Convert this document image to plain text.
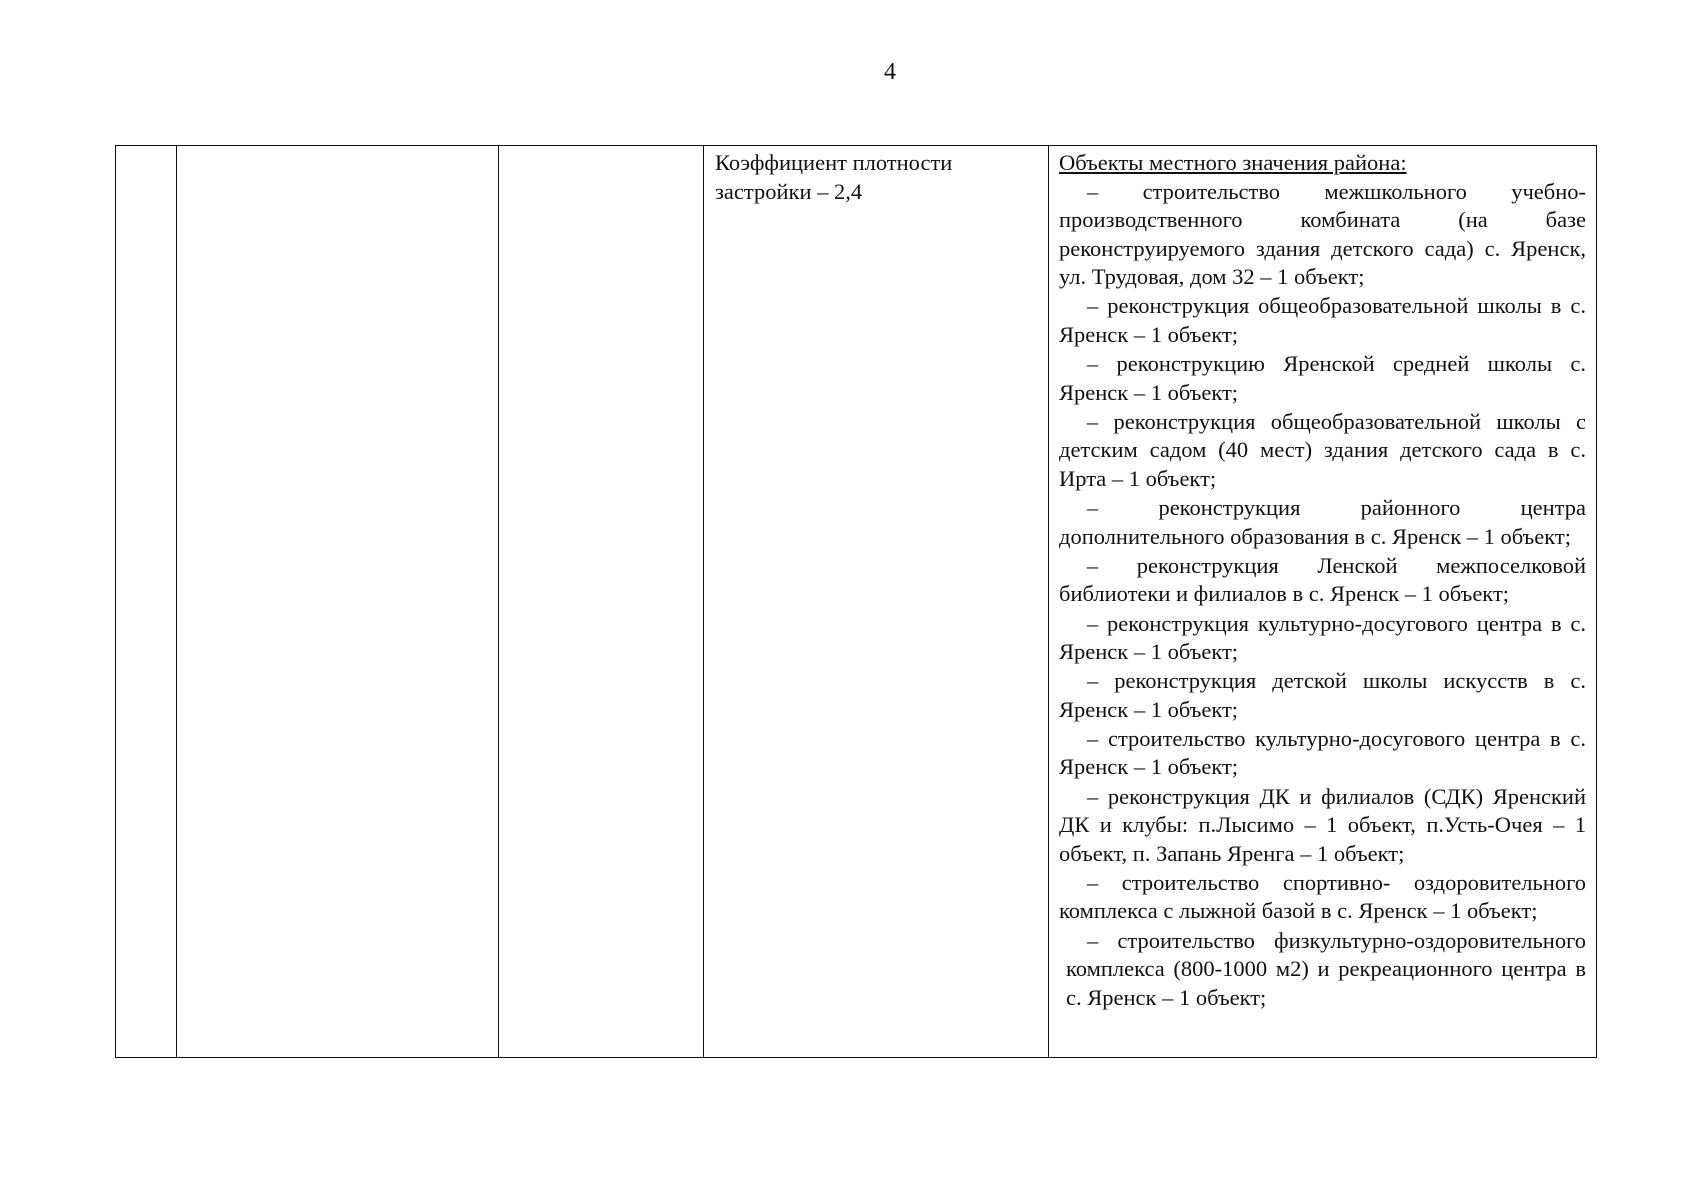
4

Коэффициент плотности застройки – 2,4

Объекты местного значения района:

– строительство межшкольного учебно-производственного комбината (на базе реконструируемого здания детского сада) с. Яренск, ул. Трудовая, дом 32 – 1 объект;

– реконструкция общеобразовательной школы в с. Яренск – 1 объект;

– реконструкцию Яренской средней школы с. Яренск – 1 объект;

– реконструкция общеобразовательной школы с детским садом (40 мест) здания детского сада в с. Ирта – 1 объект;

– реконструкция районного центра дополнительного образования в с. Яренск – 1 объект;

– реконструкция Ленской межпоселковой библиотеки и филиалов в с. Яренск – 1 объект;

– реконструкция культурно-досугового центра в с. Яренск – 1 объект;

– реконструкция детской школы искусств в с. Яренск – 1 объект;

– строительство культурно-досугового центра в с. Яренск – 1 объект;

– реконструкция ДК и филиалов (СДК) Яренский ДК и клубы: п.Лысимо – 1 объект, п.Усть-Очея – 1 объект, п. Запань Яренга – 1 объект;

– строительство спортивно- оздоровительного комплекса с лыжной базой в с. Яренск – 1 объект;

– строительство физкультурно-оздоровительного комплекса (800-1000 м2) и рекреационного центра в с. Яренск – 1 объект;
